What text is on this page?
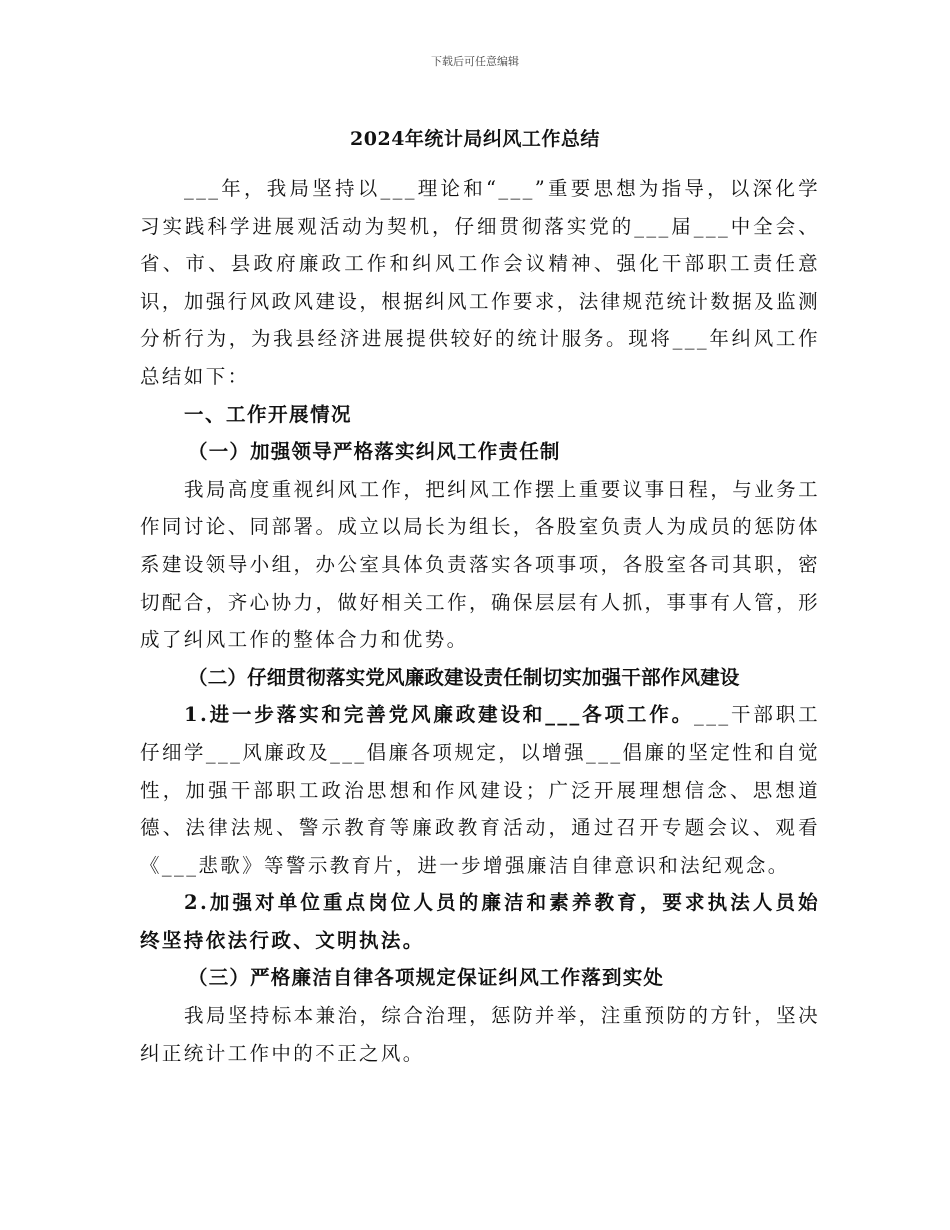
下载后可任意编辑
2024年统计局纠风工作总结

___年，我局坚持以___理论和“___”重要思想为指导，以深化学习实践科学进展观活动为契机，仔细贯彻落实党的___届___中全会、省、市、县政府廉政工作和纠风工作会议精神、强化干部职工责任意识，加强行风政风建设，根据纠风工作要求，法律规范统计数据及监测分析行为，为我县经济进展提供较好的统计服务。现将___年纠风工作总结如下：

一、工作开展情况

（一）加强领导严格落实纠风工作责任制

我局高度重视纠风工作，把纠风工作摆上重要议事日程，与业务工作同讨论、同部署。成立以局长为组长，各股室负责人为成员的惩防体系建设领导小组，办公室具体负责落实各项事项，各股室各司其职，密切配合，齐心协力，做好相关工作，确保层层有人抓，事事有人管，形成了纠风工作的整体合力和优势。

（二）仔细贯彻落实党风廉政建设责任制切实加强干部作风建设

1.进一步落实和完善党风廉政建设和___各项工作。___干部职工仔细学___风廉政及___倡廉各项规定，以增强___倡廉的坚定性和自觉性，加强干部职工政治思想和作风建设；广泛开展理想信念、思想道德、法律法规、警示教育等廉政教育活动，通过召开专题会议、观看《___悲歌》等警示教育片，进一步增强廉洁自律意识和法纪观念。

2.加强对单位重点岗位人员的廉洁和素养教育，要求执法人员始终坚持依法行政、文明执法。

（三）严格廉洁自律各项规定保证纠风工作落到实处

我局坚持标本兼治，综合治理，惩防并举，注重预防的方针，坚决纠正统计工作中的不正之风。
